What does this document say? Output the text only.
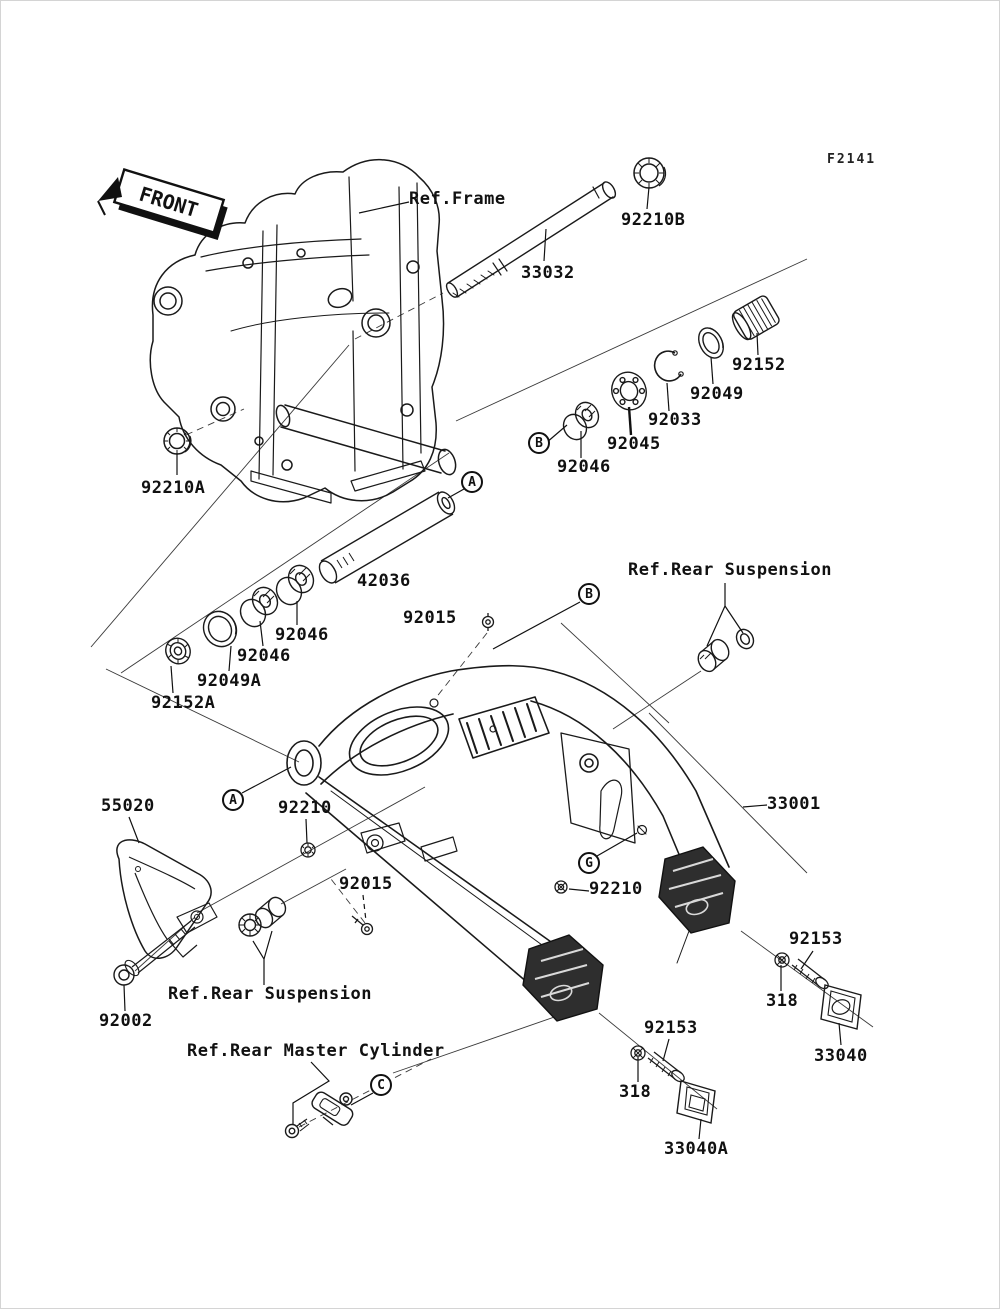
FRONT
F2141
Ref.Frame
92210B
33032
92152
92049
92033
92045
92046
92210A
42036
92015
92046
92046
92049A
92152A
Ref.Rear Suspension
33001
55020	92210
92015	92210
Ref.Rear Suspension
92002
Ref.Rear Master Cylinder
92153
318
33040A
92153
318
33040
A
B
B
A
G
C
